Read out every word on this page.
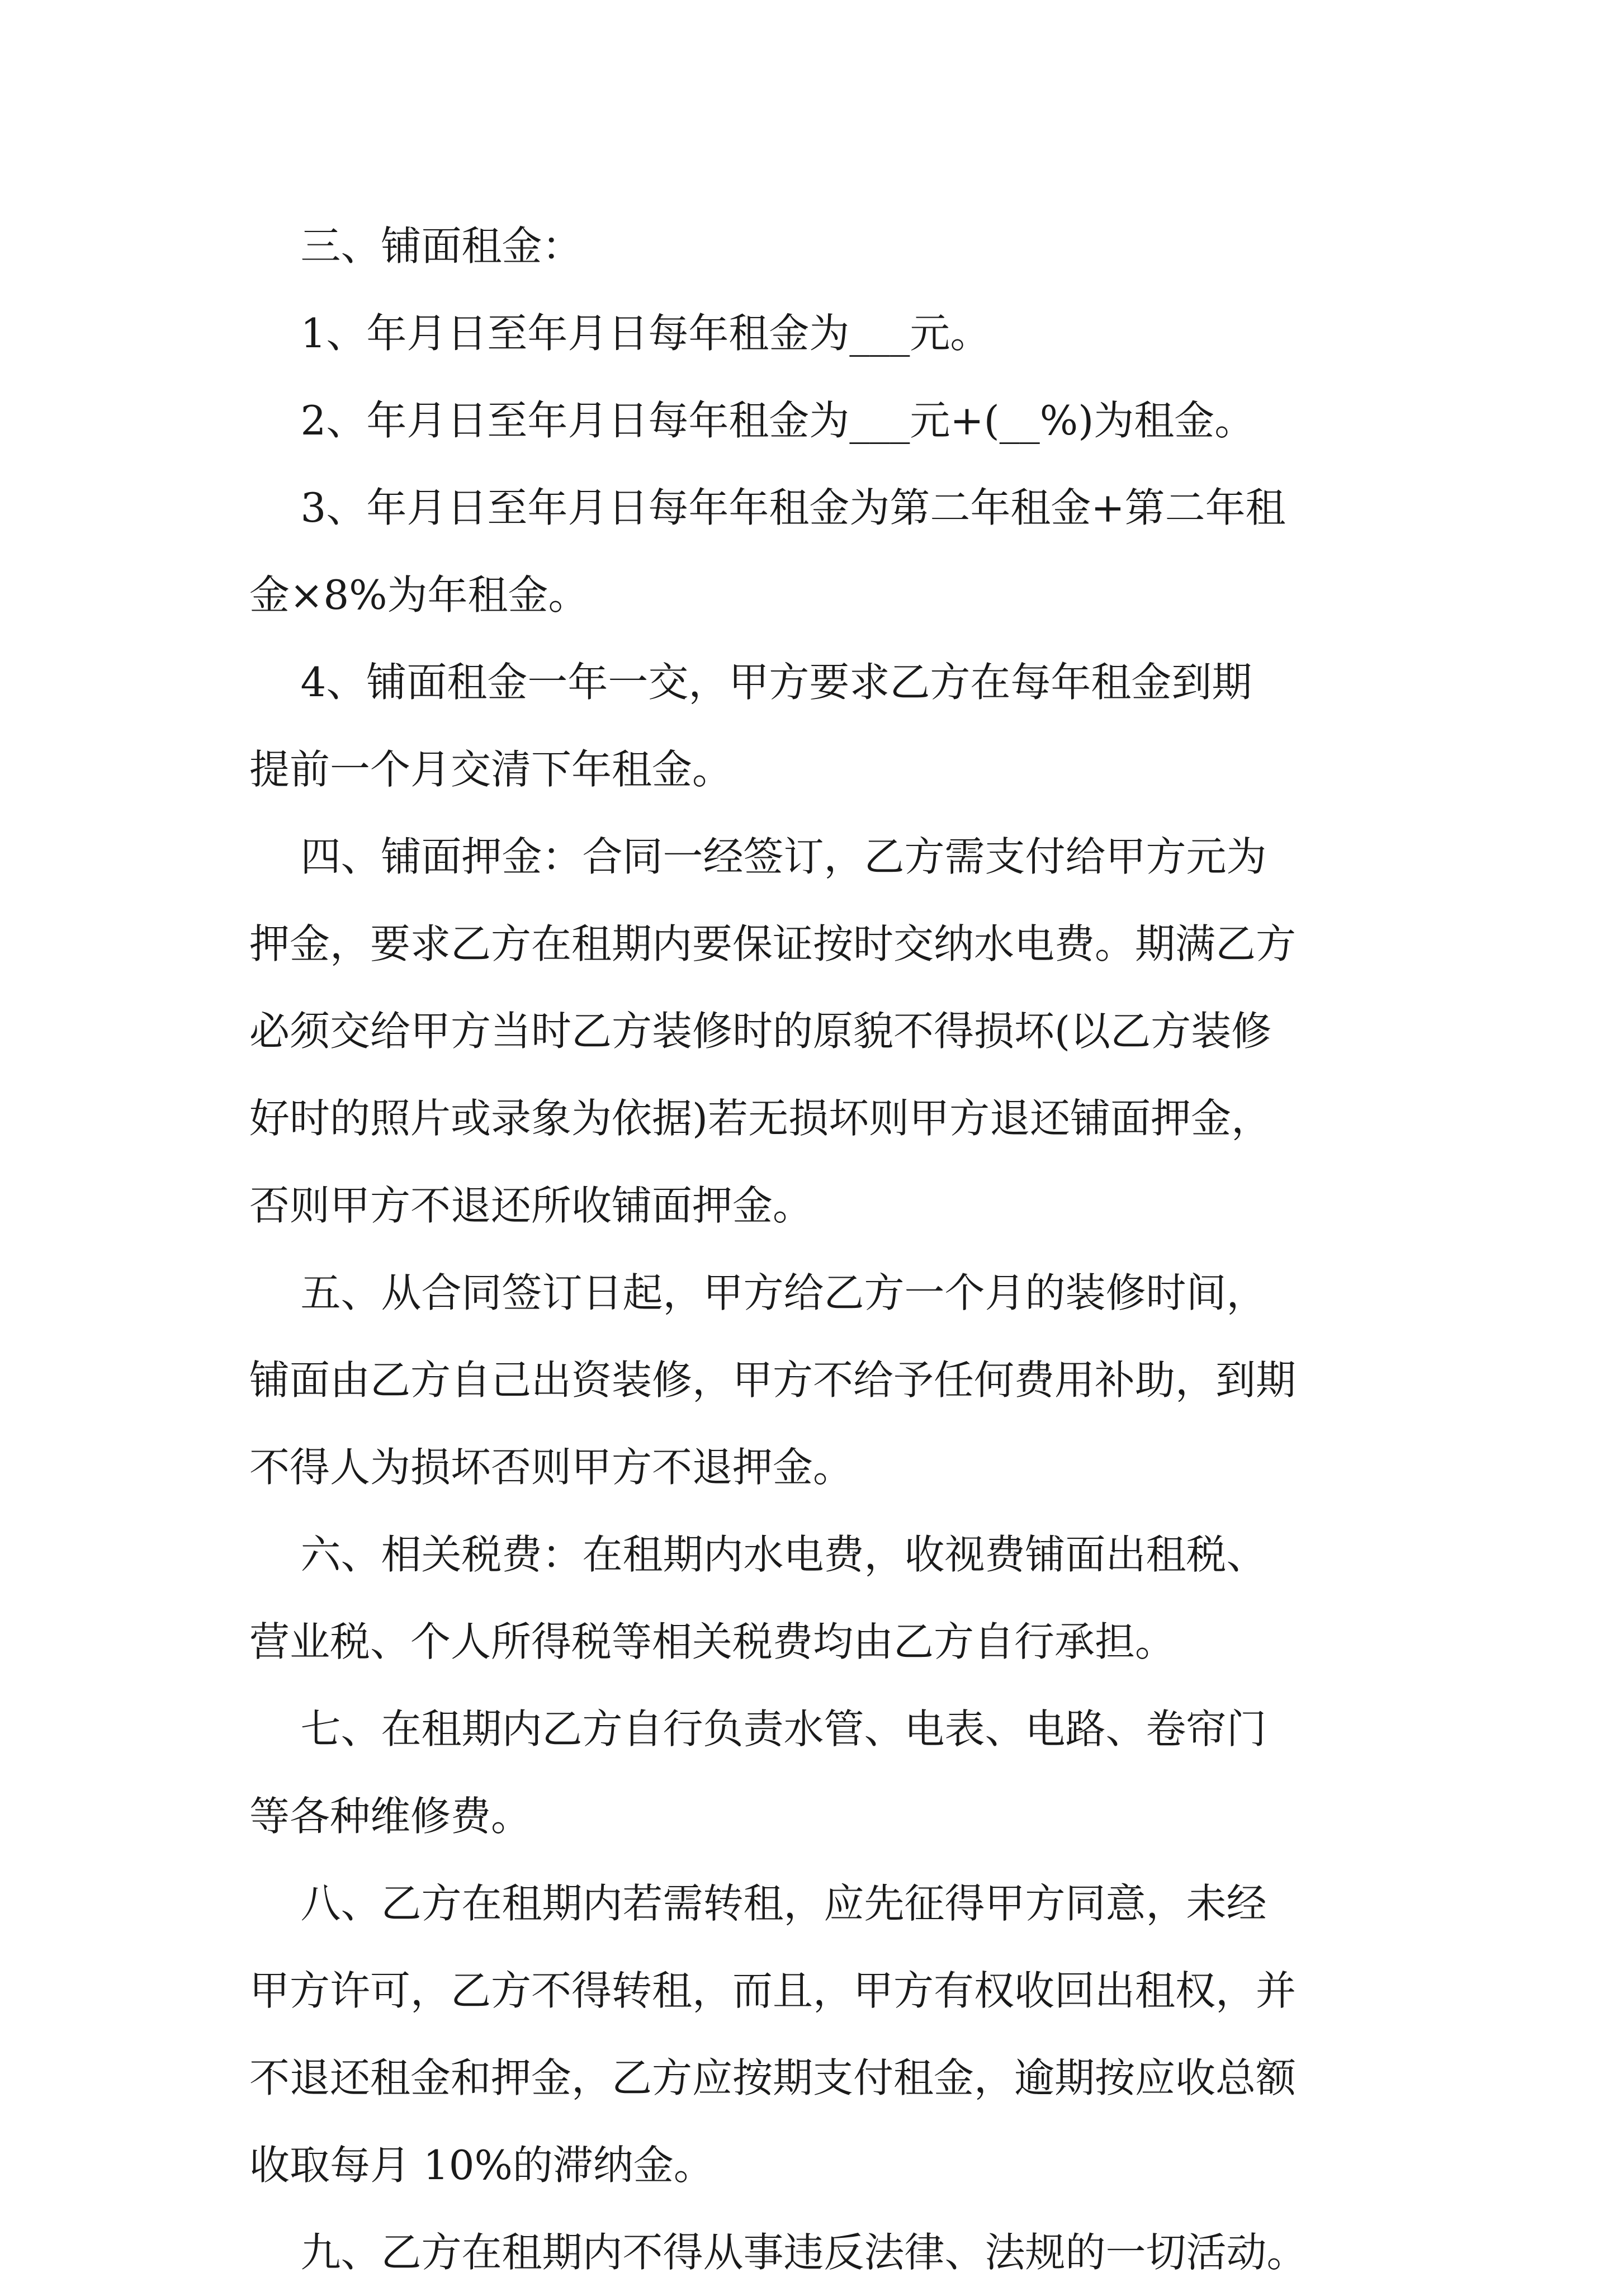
三、铺面租金：
1、年月日至年月日每年租金为___元。
2、年月日至年月日每年租金为___元+(__%)为租金。
3、年月日至年月日每年年租金为第二年租金+第二年租
金×8%为年租金。
4、铺面租金一年一交，甲方要求乙方在每年租金到期
提前一个月交清下年租金。
四、铺面押金：合同一经签订，乙方需支付给甲方元为
押金，要求乙方在租期内要保证按时交纳水电费。期满乙方
必须交给甲方当时乙方装修时的原貌不得损坏(以乙方装修
好时的照片或录象为依据)若无损坏则甲方退还铺面押金，
否则甲方不退还所收铺面押金。
五、从合同签订日起，甲方给乙方一个月的装修时间，
铺面由乙方自己出资装修，甲方不给予任何费用补助，到期
不得人为损坏否则甲方不退押金。
六、相关税费：在租期内水电费，收视费铺面出租税、
营业税、个人所得税等相关税费均由乙方自行承担。
七、在租期内乙方自行负责水管、电表、电路、卷帘门
等各种维修费。
八、乙方在租期内若需转租，应先征得甲方同意，未经
甲方许可，乙方不得转租，而且，甲方有权收回出租权，并
不退还租金和押金，乙方应按期支付租金，逾期按应收总额
收取每月 10%的滞纳金。
九、乙方在租期内不得从事违反法律、法规的一切活动。
